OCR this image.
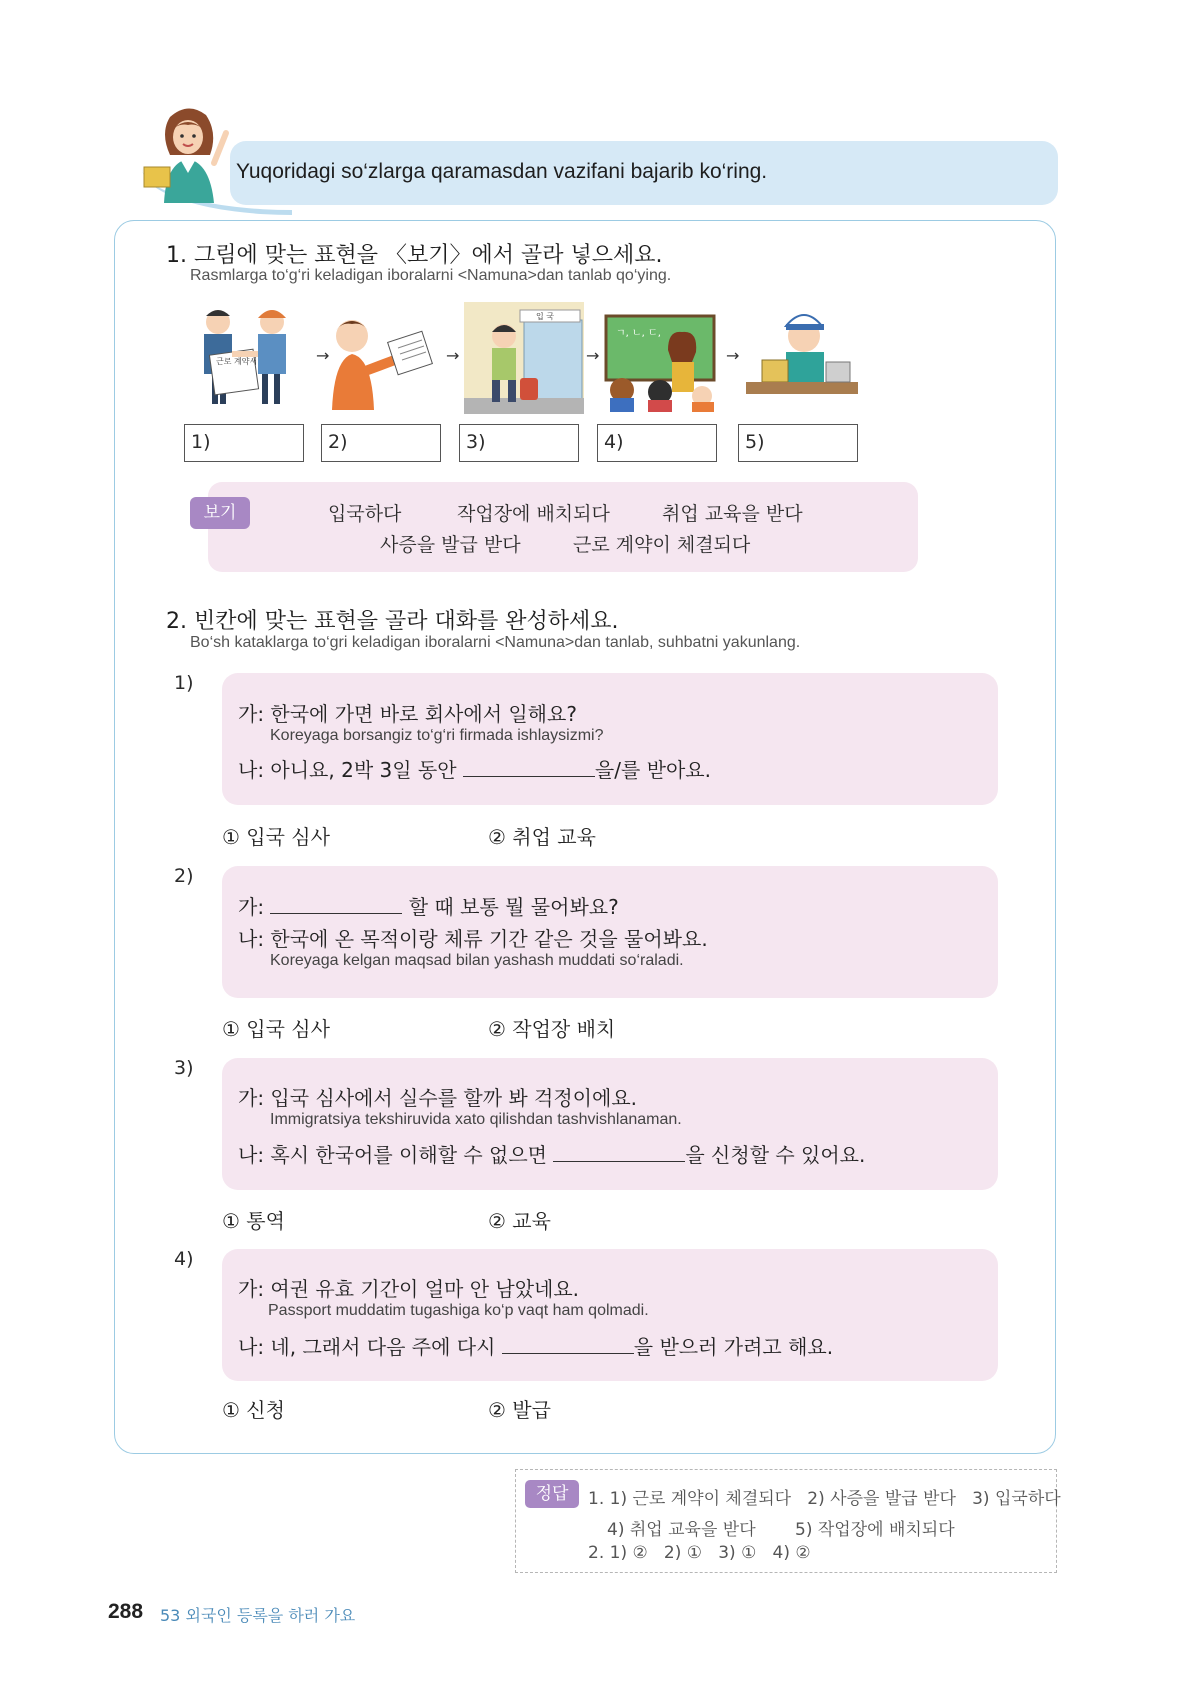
Yuqoridagi so‘zlarga qaramasdan vazifani bajarib ko‘ring.
1. 그림에 맞는 표현을 〈보기〉에서 골라 넣으세요.
Rasmlarga to‘g‘ri keladigan iboralarni <Namuna>dan tanlab qo‘ying.
근로 계약서	→	→
입 국
→
ㄱ, ㄴ, ㄷ,
→
1)	2)	3)	4)	5)
보기	입국하다	작업장에 배치되다	취업 교육을 받다
사증을 발급 받다	근로 계약이 체결되다
2. 빈칸에 맞는 표현을 골라 대화를 완성하세요.
Bo‘sh kataklarga to‘gri keladigan iboralarni <Namuna>dan tanlab, suhbatni yakunlang.
1)
가: 한국에 가면 바로 회사에서 일해요?
Koreyaga borsangiz to‘g‘ri firmada ishlaysizmi?
나: 아니요, 2박 3일 동안	을/를 받아요.
① 입국 심사	② 취업 교육
2)
가:	할 때 보통 뭘 물어봐요?
나: 한국에 온 목적이랑 체류 기간 같은 것을 물어봐요.
Koreyaga kelgan maqsad bilan yashash muddati so‘raladi.
① 입국 심사	② 작업장 배치
3)
가: 입국 심사에서 실수를 할까 봐 걱정이에요.
Immigratsiya tekshiruvida xato qilishdan tashvishlanaman.
나: 혹시 한국어를 이해할 수 없으면	을 신청할 수 있어요.
① 통역	② 교육
4)
가: 여권 유효 기간이 얼마 안 남았네요.
Passport muddatim tugashiga ko‘p vaqt ham qolmadi.
나: 네, 그래서 다음 주에 다시	을 받으러 가려고 해요.
① 신청	② 발급
정답	1. 1) 근로 계약이 체결되다   2) 사증을 발급 받다   3) 입국하다
4) 취업 교육을 받다 5) 작업장에 배치되다
2. 1) ②   2) ①   3) ①   4) ②
288 53 외국인 등록을 하러 가요
